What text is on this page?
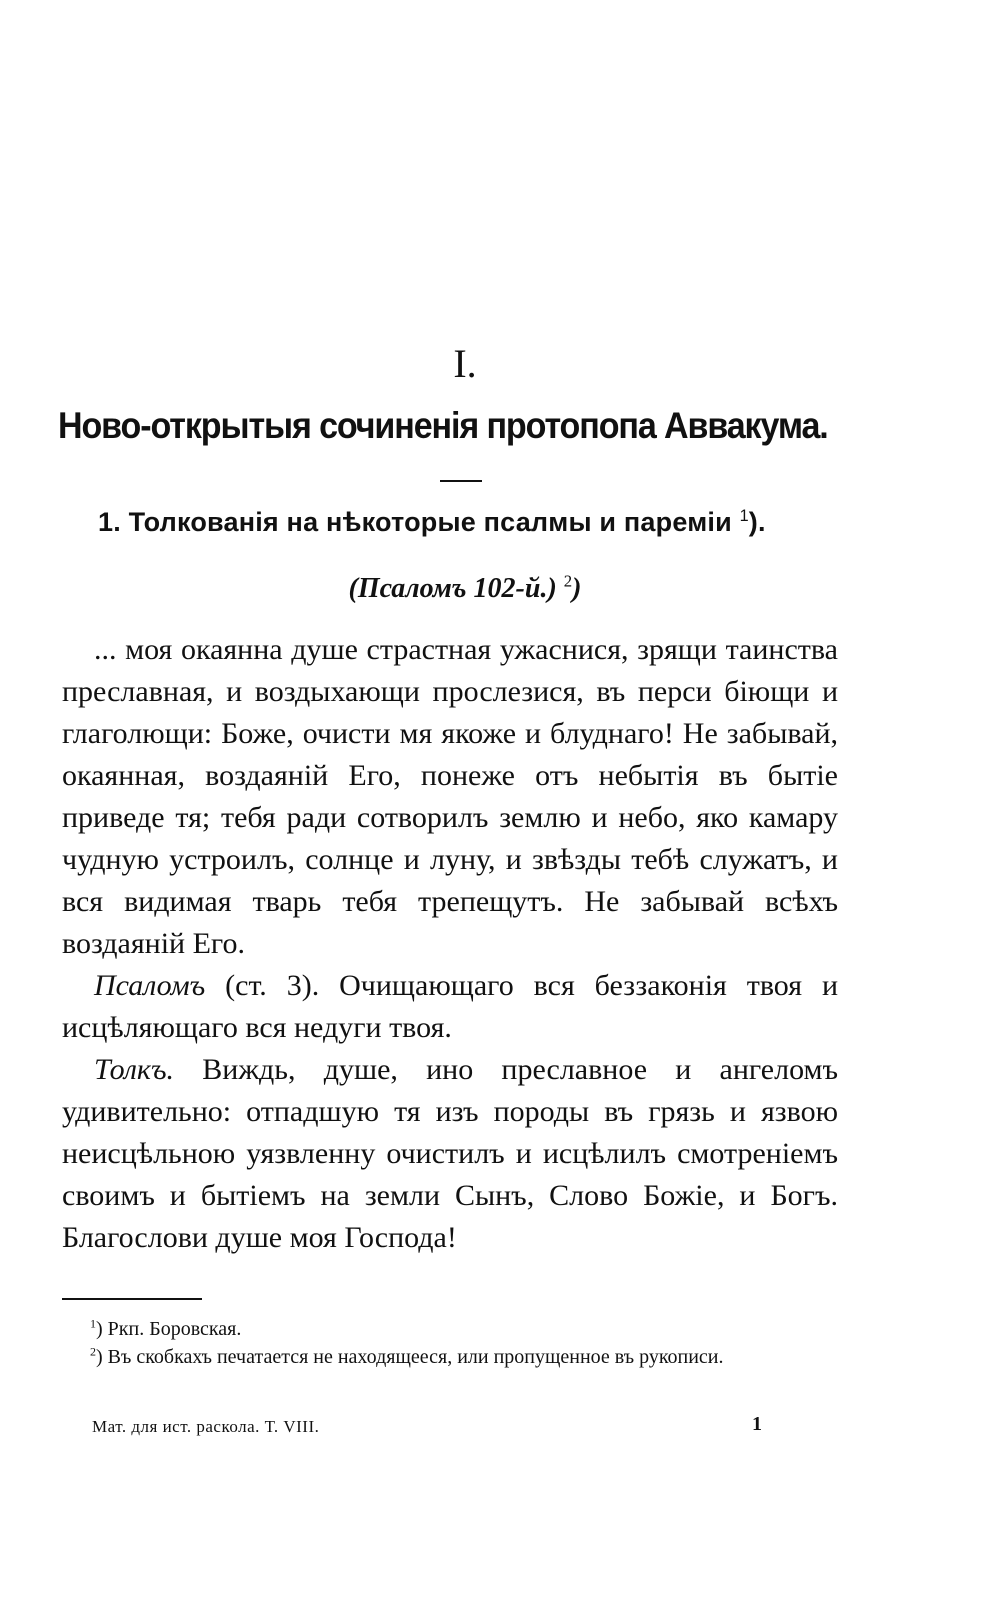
I.
Ново-открытыя сочиненія протопопа Аввакума.
1. Толкованія на нѣкоторые псалмы и пареміи $^1$).
(Псаломъ 102-й.) $^2$)

... моя окаянна душе страстная ужаснися, зрящи таинства преславная, и воздыхающи прослезися, въ перси біющи и глаголющи: Боже, очисти мя якоже и блуднаго! Не забывай, окаянная, воздаяній Его, понеже отъ небытія въ бытіе приведе тя; тебя ради сотворилъ землю и небо, яко камару чудную устроилъ, солнце и луну, и звѣзды тебѣ служатъ, и вся видимая тварь тебя трепещутъ. Не забывай всѣхъ воздаяній Его.

Псаломъ (ст. 3). Очищающаго вся беззаконія твоя и исцѣляющаго вся недуги твоя.

Толкъ. Виждь, душе, ино преславное и ангеломъ удивительно: отпадшую тя изъ породы въ грязь и язвою неисцѣльною уязвленну очистилъ и исцѣлилъ смотреніемъ своимъ и бытіемъ на земли Сынъ, Слово Божіе, и Богъ. Благослови душе моя Господа!

$^1$) Ркп. Боровская.

$^2$) Въ скобкахъ печатается не находящееся, или пропущенное въ рукописи.

Мат. для ист. раскола. Т. VIII.	1
